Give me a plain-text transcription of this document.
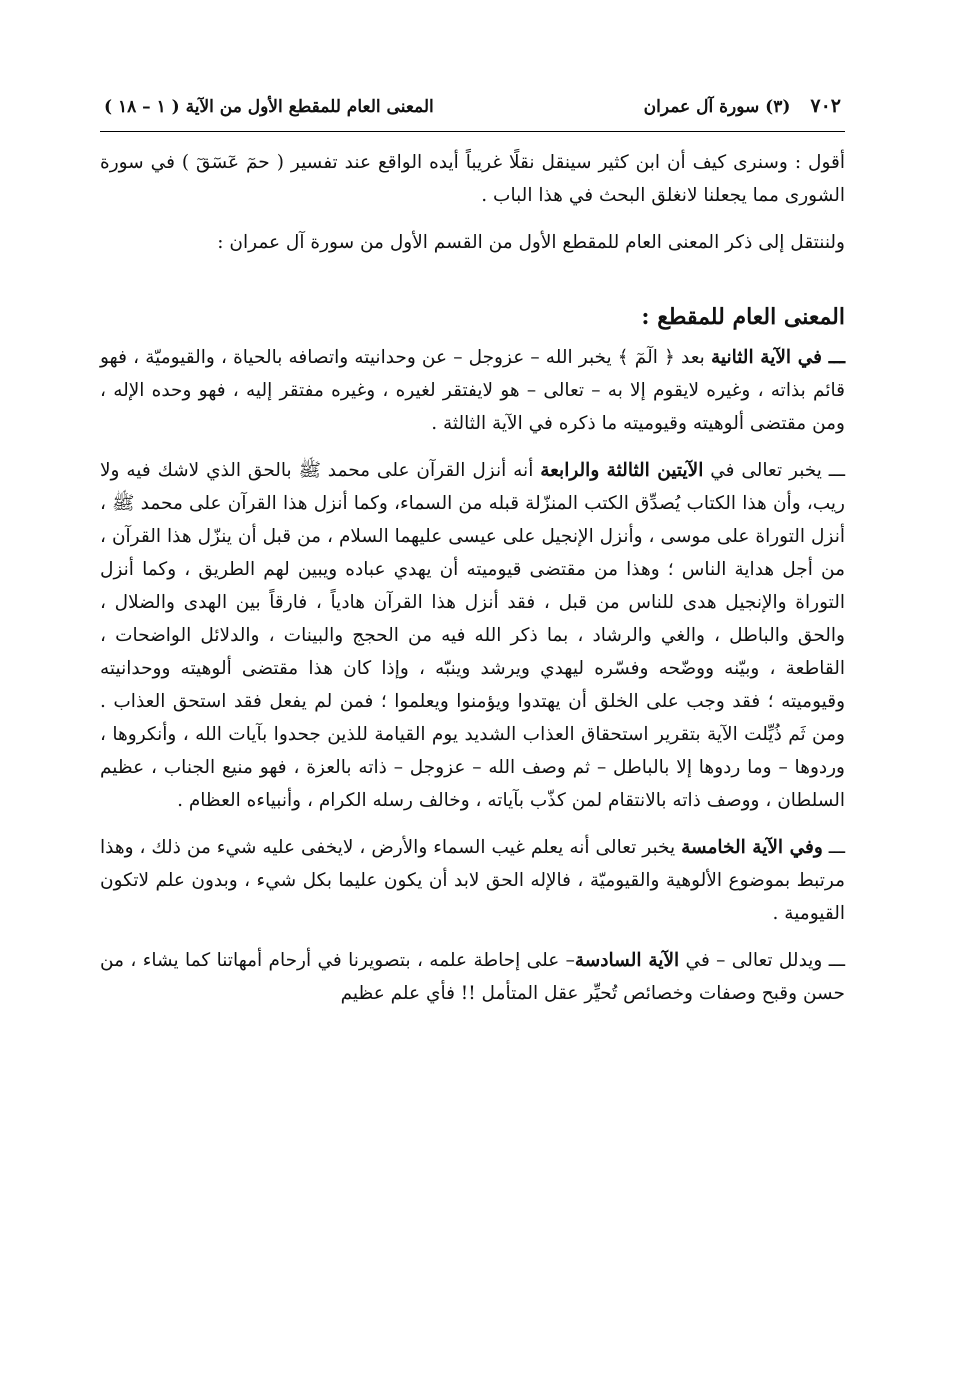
٧٠٢
(٣) سورة آل عمران
المعنى العام للمقطع الأول من الآية ( ١ – ١٨ )

أقول : وسنرى كيف أن ابن كثير سينقل نقلًا غريباً أيده الواقع عند تفسير ( حمٓ عٓسٓقٓ ) في سورة الشورى مما يجعلنا لانغلق البحث في هذا الباب .

ولننتقل إلى ذكر المعنى العام للمقطع الأول من القسم الأول من سورة آل عمران :

المعنى العام للمقطع :

ـــ في الآية الثانية بعد ﴿ الٓمٓ ﴾ يخبر الله – عزوجل – عن وحدانيته واتصافه بالحياة ، والقيوميّة ، فهو قائم بذاته ، وغيره لايقوم إلا به – تعالى – هو لايفتقر لغيره ، وغيره مفتقر إليه ، فهو وحده الإله ، ومن مقتضى ألوهيته وقيوميته ما ذكره في الآية الثالثة .

ـــ يخبر تعالى في الآيتين الثالثة والرابعة أنه أنزل القرآن على محمد ﷺ بالحق الذي لاشك فيه ولا ريب، وأن هذا الكتاب يُصدِّق الكتب المنزّلة قبله من السماء، وكما أنزل هذا القرآن على محمد ﷺ ، أنزل التوراة على موسى ، وأنزل الإنجيل على عيسى عليهما السلام ، من قبل أن ينزّل هذا القرآن ، من أجل هداية الناس ؛ وهذا من مقتضى قيوميته أن يهدي عباده ويبين لهم الطريق ، وكما أنزل التوراة والإنجيل هدى للناس من قبل ، فقد أنزل هذا القرآن هادياً ، فارقاً بين الهدى والضلال ، والحق والباطل ، والغي والرشاد ، بما ذكر الله فيه من الحجج والبينات ، والدلائل الواضحات ، القاطعة ، وبيّنه ووضّحه وفسّره ليهدي ويرشد وينبّه ، وإذا كان هذا مقتضى ألوهيته ووحدانيته وقيوميته ؛ فقد وجب على الخلق أن يهتدوا ويؤمنوا ويعلموا ؛ فمن لم يفعل فقد استحق العذاب . ومن ثَم ذُيِّلت الآية بتقرير استحقاق العذاب الشديد يوم القيامة للذين جحدوا بآيات الله ، وأنكروها ، وردوها – وما ردوها إلا بالباطل – ثم وصف الله – عزوجل – ذاته بالعزة ، فهو منيع الجناب ، عظيم السلطان ، ووصف ذاته بالانتقام لمن كذّب بآياته ، وخالف رسله الكرام ، وأنبياءه العظام .

ـــ وفي الآية الخامسة يخبر تعالى أنه يعلم غيب السماء والأرض ، لايخفى عليه شيء من ذلك ، وهذا مرتبط بموضوع الألوهية والقيوميّة ، فالإله الحق لابد أن يكون عليما بكل شيء ، وبدون علم لاتكون القيومية .

ـــ ويدلل تعالى – في الآية السادسة– على إحاطة علمه ، بتصويرنا في أرحام أمهاتنا كما يشاء ، من حسن وقبح وصفات وخصائص تُحيِّر عقل المتأمل !! فأي علم عظيم
